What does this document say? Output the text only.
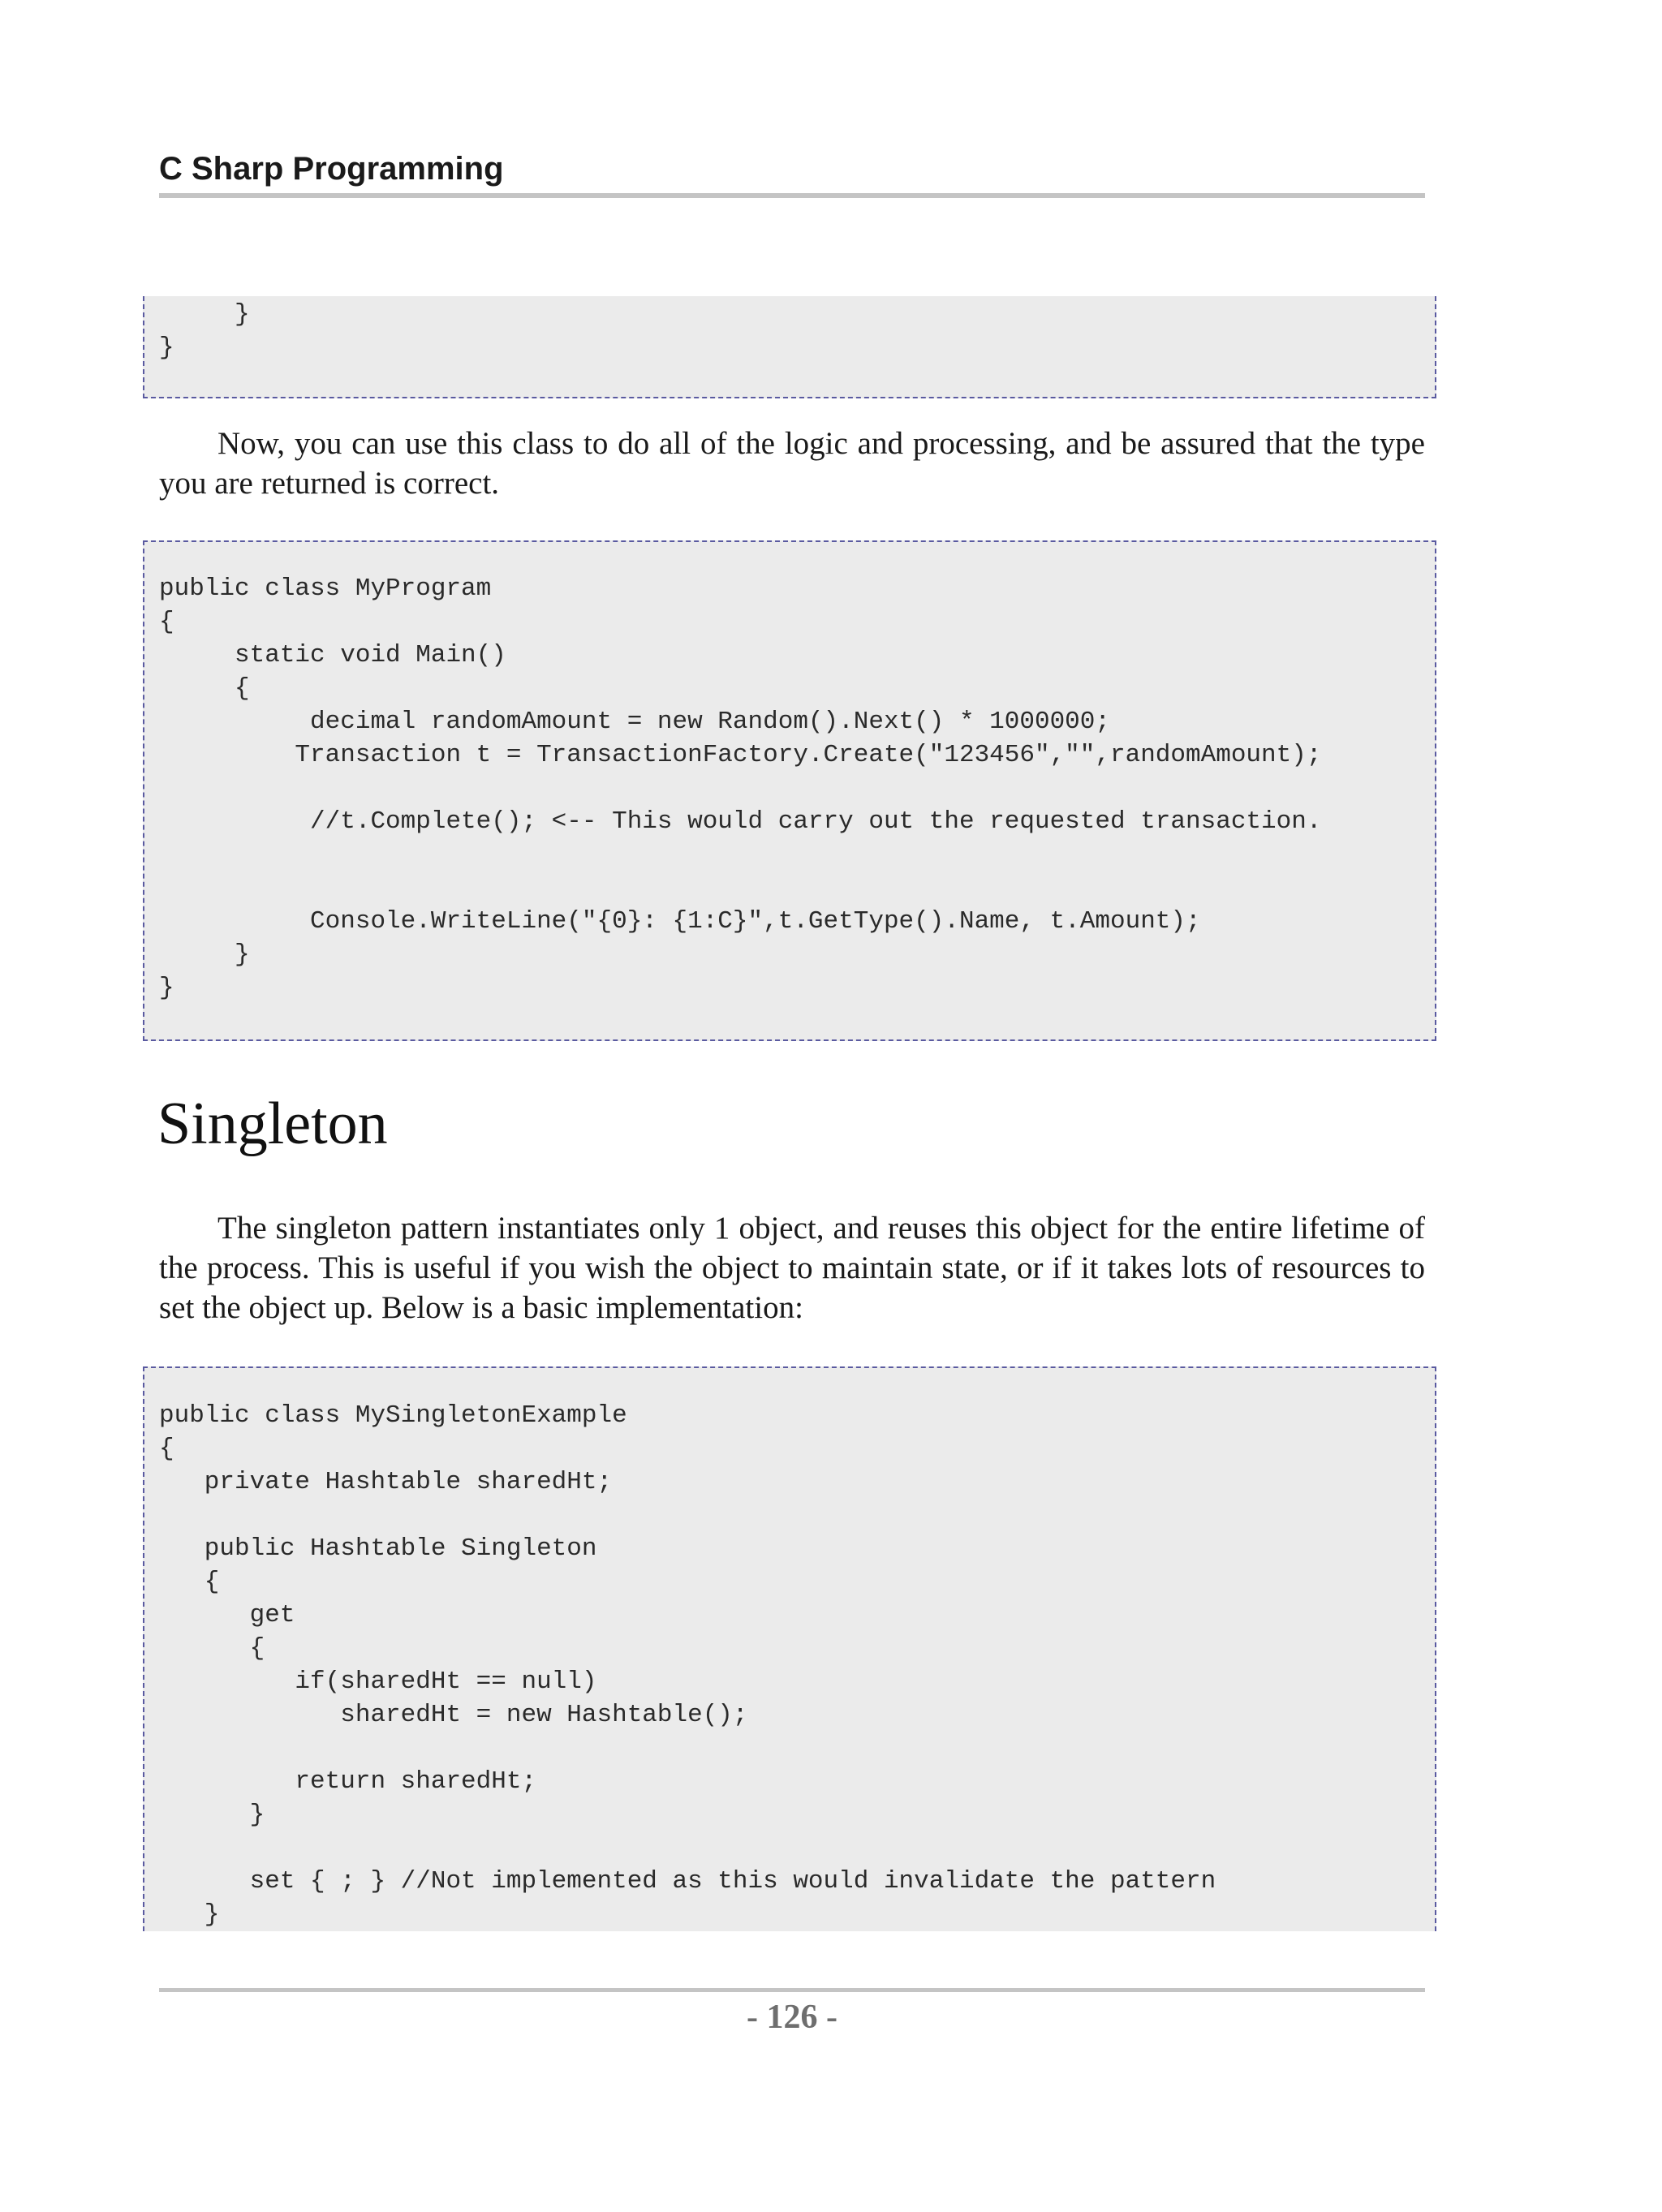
C Sharp Programming
}
}

Now, you can use this class to do all of the logic and processing, and be assured that the type you are returned is correct.

public class MyProgram
{
static void Main()
{
decimal randomAmount = new Random().Next() * 1000000;
Transaction t = TransactionFactory.Create("123456","",randomAmount);
//t.Complete(); <-- This would carry out the requested transaction.
Console.WriteLine("{0}: {1:C}",t.GetType().Name, t.Amount);
}
}
Singleton

The singleton pattern instantiates only 1 object, and reuses this object for the entire lifetime of the process. This is useful if you wish the object to maintain state, or if it takes lots of resources to set the object up. Below is a basic implementation:

public class MySingletonExample
{
private Hashtable sharedHt;
public Hashtable Singleton
{
get
{
if(sharedHt == null)
sharedHt = new Hashtable();
return sharedHt;
}
set { ; } //Not implemented as this would invalidate the pattern
}
- 126 -
